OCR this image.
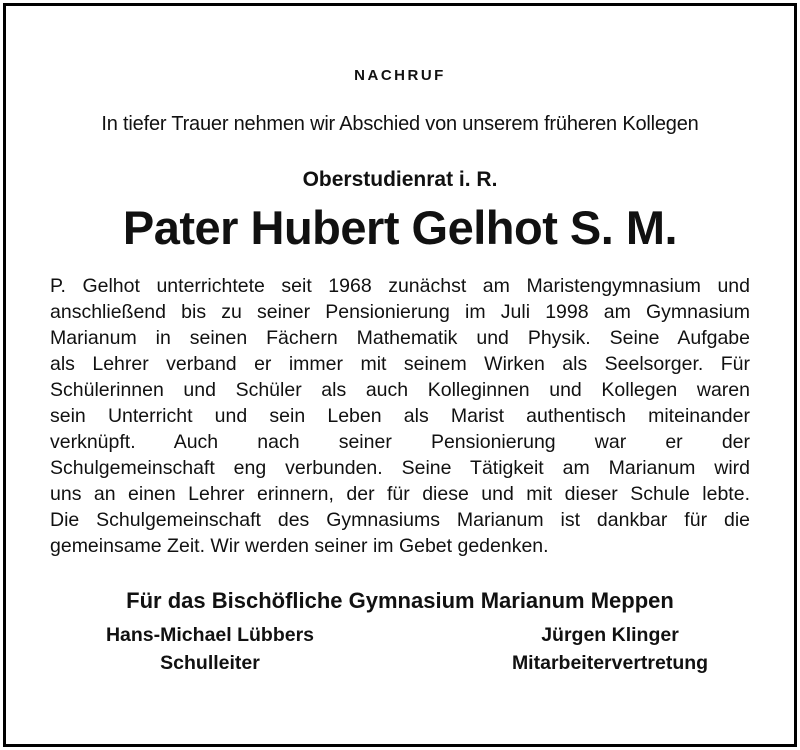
NACHRUF
In tiefer Trauer nehmen wir Abschied von unserem früheren Kollegen
Oberstudienrat i. R.
Pater Hubert Gelhot S. M.
P. Gelhot unterrichtete seit 1968 zunächst am Maristengymnasium und
anschließend bis zu seiner Pensionierung im Juli 1998 am Gymnasium
Marianum in seinen Fächern Mathematik und Physik. Seine Aufgabe
als Lehrer verband er immer mit seinem Wirken als Seelsorger. Für
Schülerinnen und Schüler als auch Kolleginnen und Kollegen waren
sein Unterricht und sein Leben als Marist authentisch miteinander
verknüpft. Auch nach seiner Pensionierung war er der
Schulgemeinschaft eng verbunden. Seine Tätigkeit am Marianum wird
uns an einen Lehrer erinnern, der für diese und mit dieser Schule lebte.
Die Schulgemeinschaft des Gymnasiums Marianum ist dankbar für die
gemeinsame Zeit. Wir werden seiner im Gebet gedenken.
Für das Bischöfliche Gymnasium Marianum Meppen
Hans-Michael Lübbers
Schulleiter
Jürgen Klinger
Mitarbeitervertretung
